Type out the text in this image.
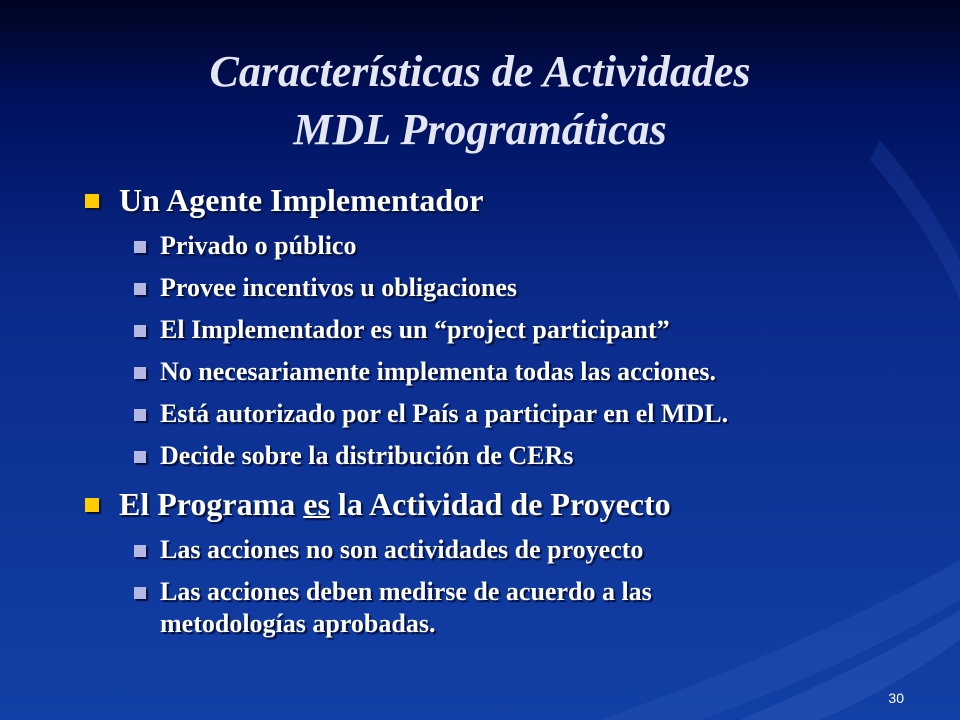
Características de Actividades
MDL Programáticas
Un Agente Implementador
Privado o público
Provee incentivos u obligaciones
El Implementador es un “project participant”
No necesariamente implementa todas las acciones.
Está autorizado por el País a participar en el MDL.
Decide sobre la distribución de CERs
El Programa es la Actividad de Proyecto
Las acciones no son actividades de proyecto
Las acciones deben medirse de acuerdo a las
metodologías aprobadas.
30
